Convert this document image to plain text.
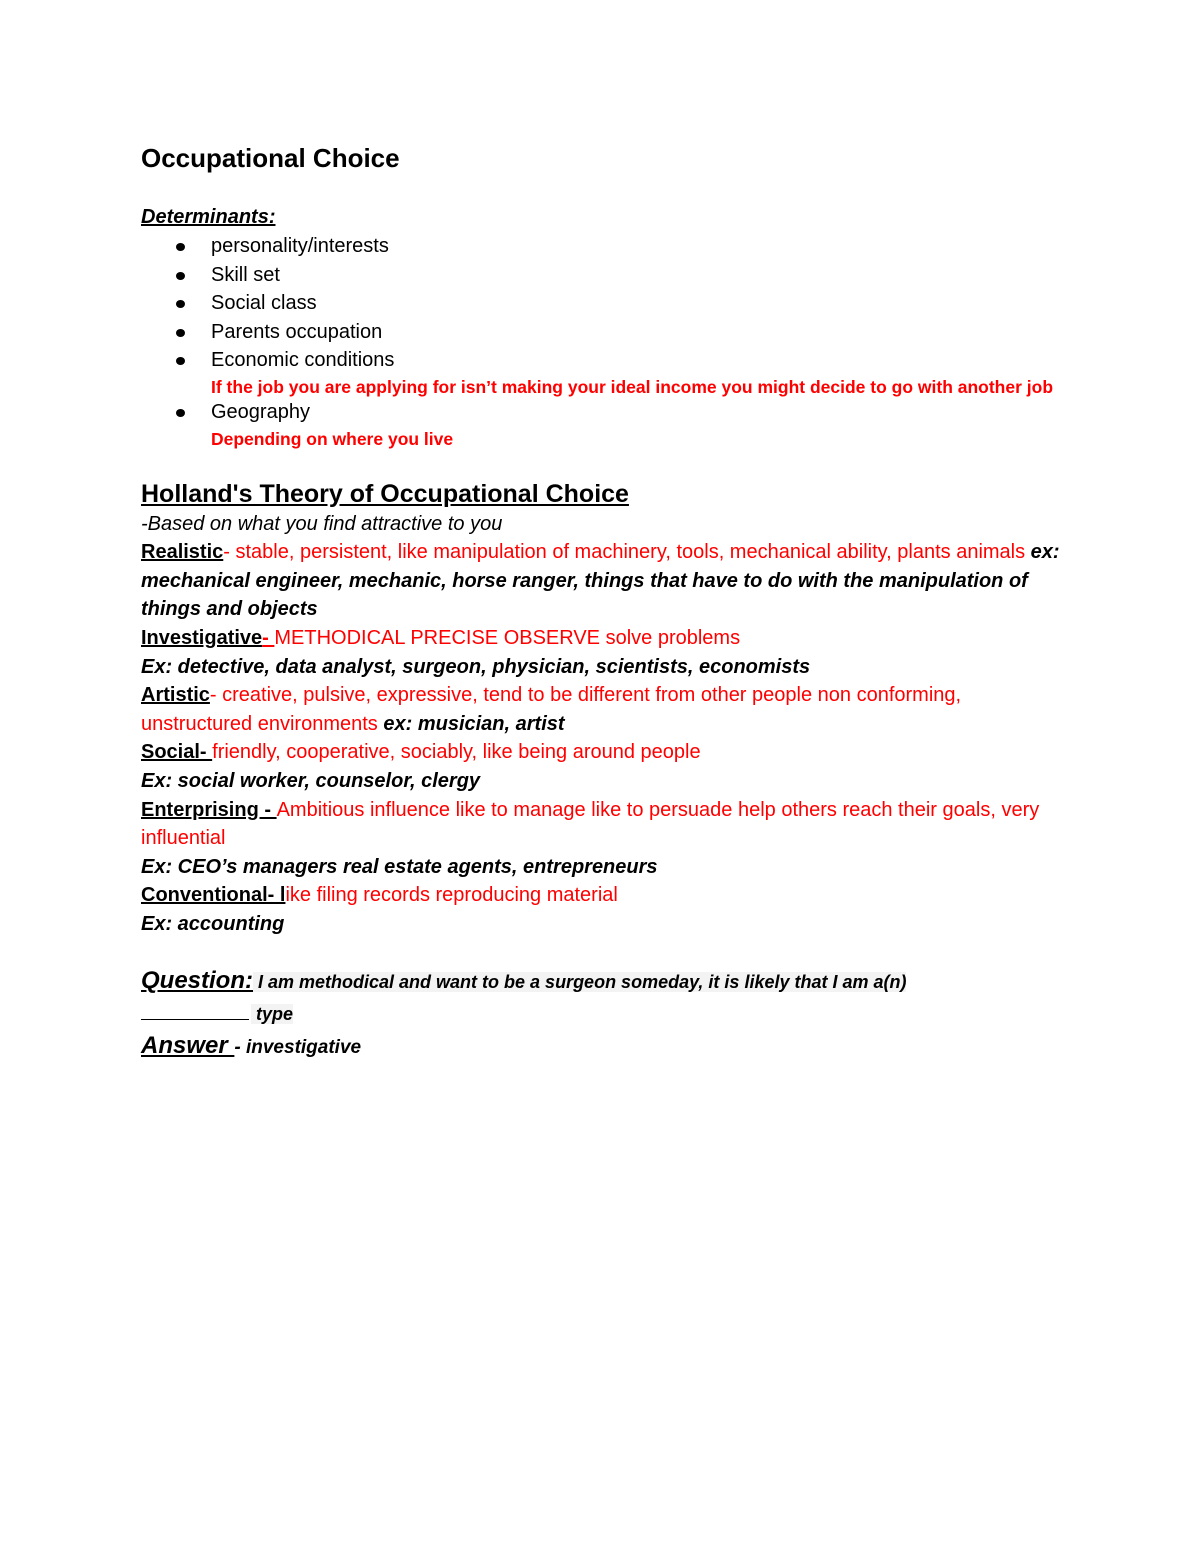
Occupational Choice
Determinants:
personality/interests
Skill set
Social class
Parents occupation
Economic conditions
If the job you are applying for isn’t making your ideal income you might decide to go with another job
Geography
Depending on where you live
Holland's Theory of Occupational Choice
-Based on what you find attractive to you
Realistic- stable, persistent, like manipulation of machinery, tools, mechanical ability, plants animals ex: mechanical engineer, mechanic, horse ranger, things that have to do with the manipulation of things and objects
Investigative- METHODICAL PRECISE OBSERVE solve problems
Ex: detective, data analyst, surgeon, physician, scientists, economists
Artistic- creative, pulsive, expressive, tend to be different from other people non conforming, unstructured environments ex: musician, artist
Social- friendly, cooperative, sociably, like being around people
Ex: social worker, counselor, clergy
Enterprising - Ambitious influence like to manage like to persuade help others reach their goals, very influential
Ex: CEO’s managers real estate agents, entrepreneurs
Conventional- like filing records reproducing material
Ex: accounting
Question: I am methodical and want to be a surgeon someday, it is likely that I am a(n)
type
Answer - investigative
